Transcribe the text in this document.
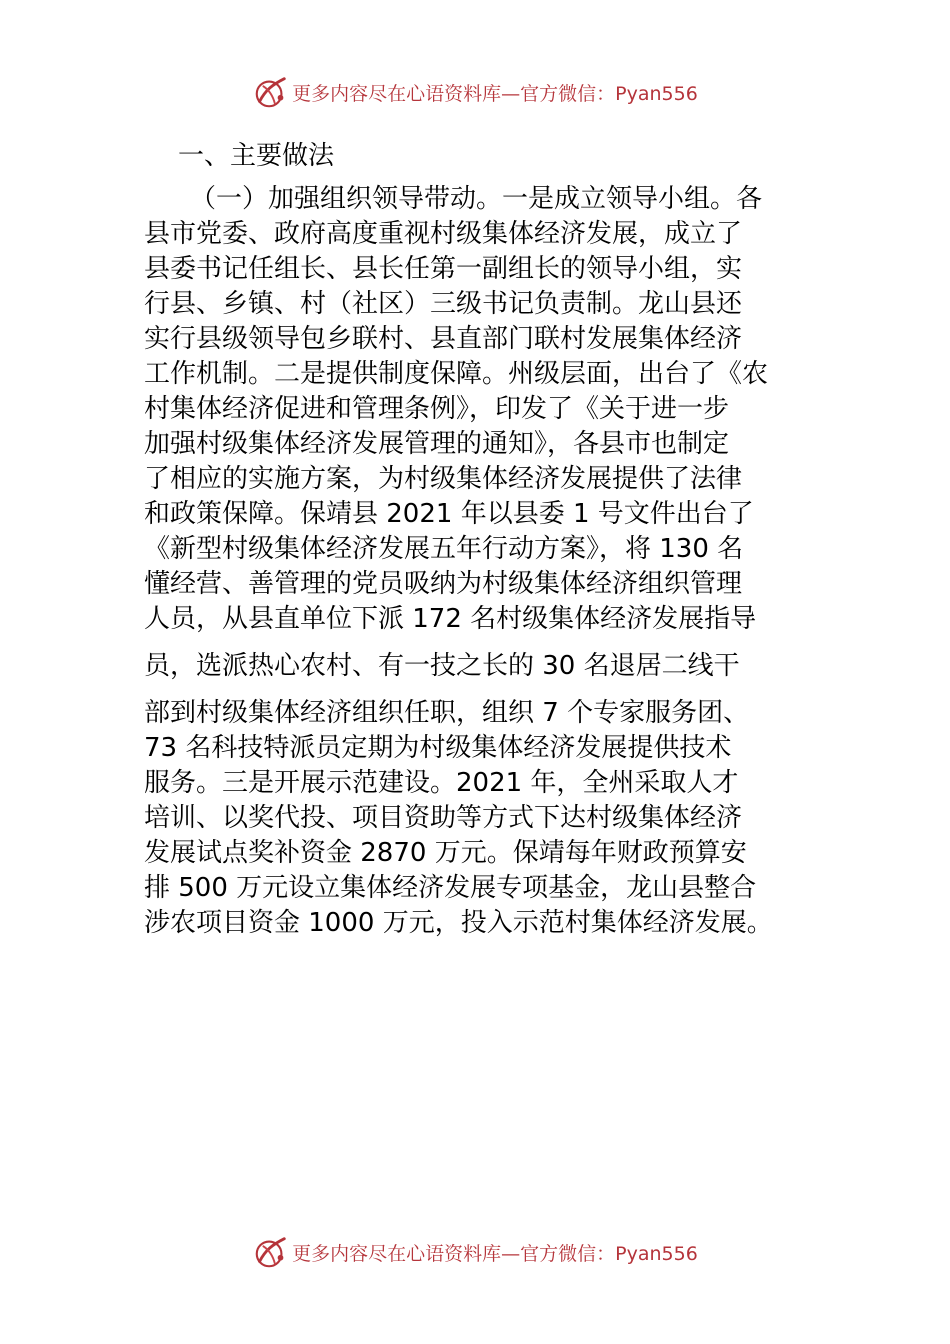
更多内容尽在心语资料库—官方微信：Pyan556
一、主要做法
（一）加强组织领导带动。一是成立领导小组。各
县市党委、政府高度重视村级集体经济发展，成立了
县委书记任组长、县长任第一副组长的领导小组，实
行县、乡镇、村（社区）三级书记负责制。龙山县还
实行县级领导包乡联村、县直部门联村发展集体经济
工作机制。二是提供制度保障。州级层面，出台了《农
村集体经济促进和管理条例》，印发了《关于进一步
加强村级集体经济发展管理的通知》，各县市也制定
了相应的实施方案，为村级集体经济发展提供了法律
和政策保障。保靖县 2021 年以县委 1 号文件出台了
《新型村级集体经济发展五年行动方案》，将 130 名
懂经营、善管理的党员吸纳为村级集体经济组织管理
人员，从县直单位下派 172 名村级集体经济发展指导
员，选派热心农村、有一技之长的 30 名退居二线干
部到村级集体经济组织任职，组织 7 个专家服务团、
73 名科技特派员定期为村级集体经济发展提供技术
服务。三是开展示范建设。2021 年，全州采取人才
培训、以奖代投、项目资助等方式下达村级集体经济
发展试点奖补资金 2870 万元。保靖每年财政预算安
排 500 万元设立集体经济发展专项基金，龙山县整合
涉农项目资金 1000 万元，投入示范村集体经济发展。
更多内容尽在心语资料库—官方微信：Pyan556
